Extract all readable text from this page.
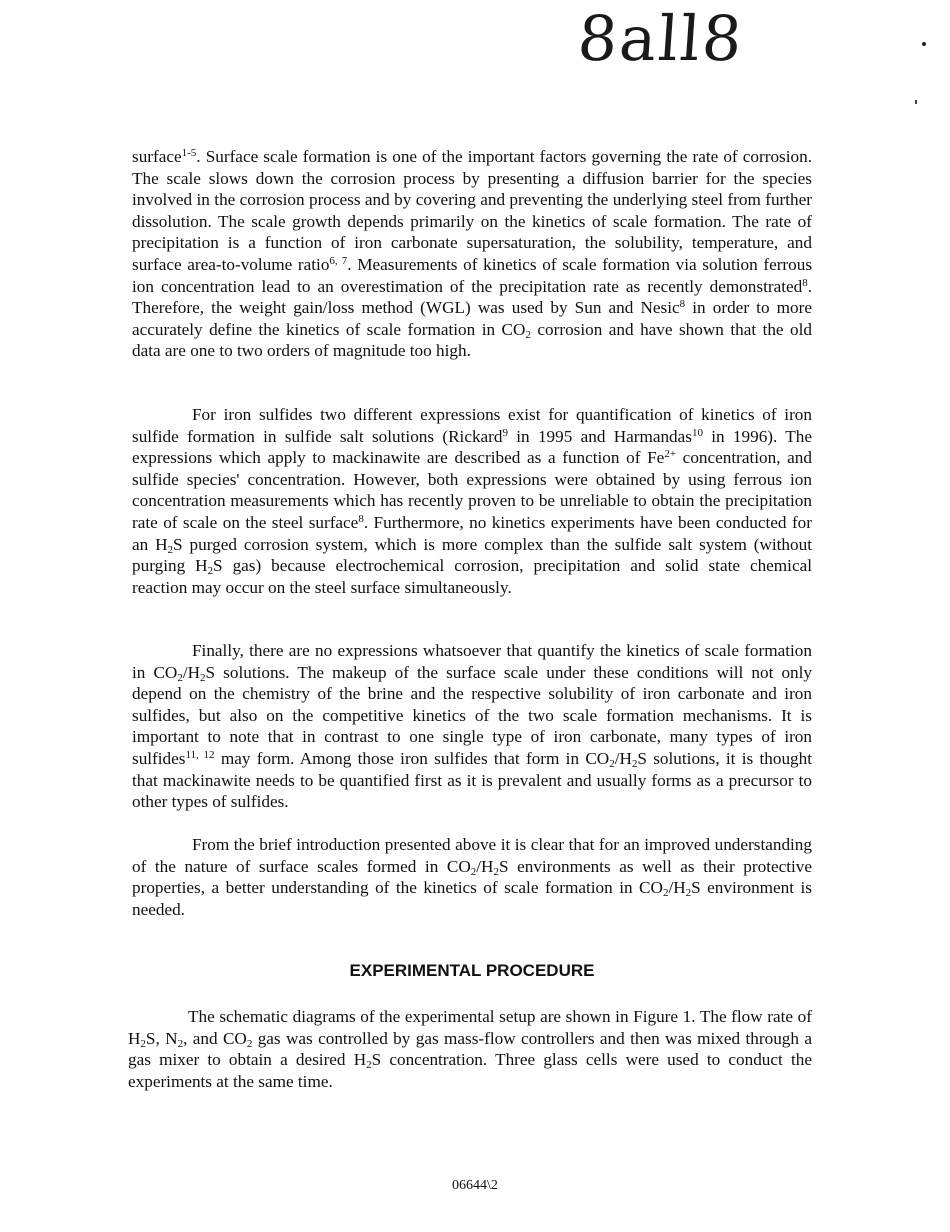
8all8

surface$^{1-5}$. Surface scale formation is one of the important factors governing the rate of corrosion. The scale slows down the corrosion process by presenting a diffusion barrier for the species involved in the corrosion process and by covering and preventing the underlying steel from further dissolution. The scale growth depends primarily on the kinetics of scale formation. The rate of precipitation is a function of iron carbonate supersaturation, the solubility, temperature, and surface area-to-volume ratio$^{6, 7}$. Measurements of kinetics of scale formation via solution ferrous ion concentration lead to an overestimation of the precipitation rate as recently demonstrated$^8$. Therefore, the weight gain/loss method (WGL) was used by Sun and Nesic$^8$ in order to more accurately define the kinetics of scale formation in $CO_2$ corrosion and have shown that the old data are one to two orders of magnitude too high.

For iron sulfides two different expressions exist for quantification of kinetics of iron sulfide formation in sulfide salt solutions (Rickard$^9$ in 1995 and Harmandas$^{10}$ in 1996). The expressions which apply to mackinawite are described as a function of $Fe^{2+}$ concentration, and sulfide species' concentration. However, both expressions were obtained by using ferrous ion concentration measurements which has recently proven to be unreliable to obtain the precipitation rate of scale on the steel surface$^8$. Furthermore, no kinetics experiments have been conducted for an $H_2S$ purged corrosion system, which is more complex than the sulfide salt system (without purging $H_2S$ gas) because electrochemical corrosion, precipitation and solid state chemical reaction may occur on the steel surface simultaneously.

Finally, there are no expressions whatsoever that quantify the kinetics of scale formation in $CO_2/H_2S$ solutions. The makeup of the surface scale under these conditions will not only depend on the chemistry of the brine and the respective solubility of iron carbonate and iron sulfides, but also on the competitive kinetics of the two scale formation mechanisms. It is important to note that in contrast to one single type of iron carbonate, many types of iron sulfides$^{11, 12}$ may form. Among those iron sulfides that form in $CO_2/H_2S$ solutions, it is thought that mackinawite needs to be quantified first as it is prevalent and usually forms as a precursor to other types of sulfides.

From the brief introduction presented above it is clear that for an improved understanding of the nature of surface scales formed in $CO_2/H_2S$ environments as well as their protective properties, a better understanding of the kinetics of scale formation in $CO_2/H_2S$ environment is needed.

EXPERIMENTAL PROCEDURE

The schematic diagrams of the experimental setup are shown in Figure 1. The flow rate of $H_2S$, $N_2$, and $CO_2$ gas was controlled by gas mass-flow controllers and then was mixed through a gas mixer to obtain a desired $H_2S$ concentration. Three glass cells were used to conduct the experiments at the same time.

06644\2
